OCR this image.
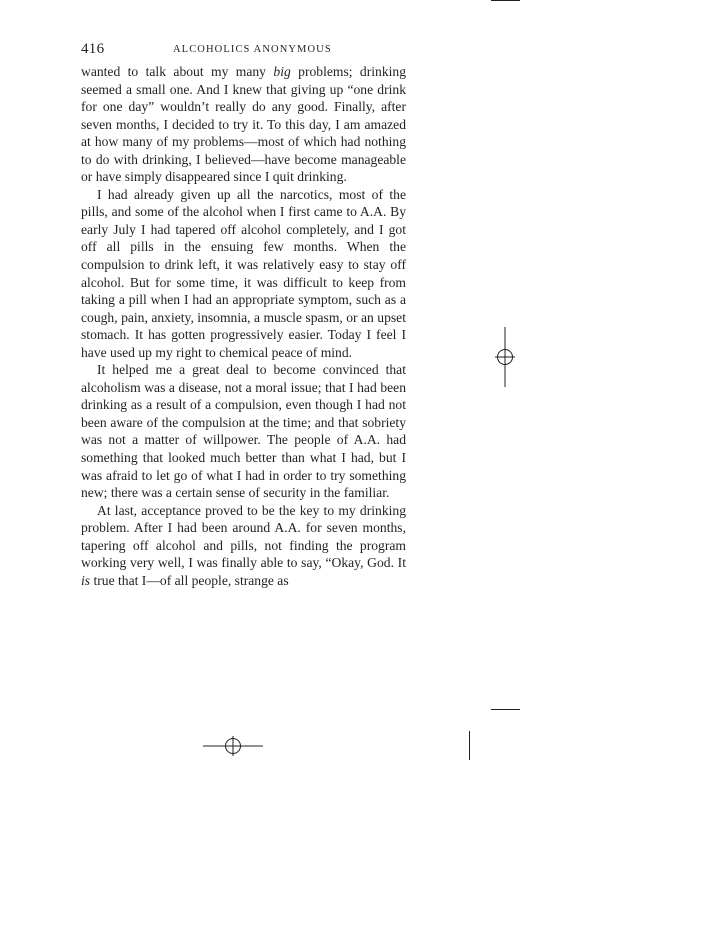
416	ALCOHOLICS ANONYMOUS

wanted to talk about my many big problems; drinking seemed a small one. And I knew that giving up “one drink for one day” wouldn’t really do any good. Finally, after seven months, I decided to try it. To this day, I am amazed at how many of my problems—most of which had nothing to do with drinking, I believed—have become manageable or have simply disappeared since I quit drinking.

I had already given up all the narcotics, most of the pills, and some of the alcohol when I first came to A.A. By early July I had tapered off alcohol completely, and I got off all pills in the ensuing few months. When the compulsion to drink left, it was relatively easy to stay off alcohol. But for some time, it was difficult to keep from taking a pill when I had an appropriate symptom, such as a cough, pain, anxiety, insomnia, a muscle spasm, or an upset stomach. It has gotten progressively easier. Today I feel I have used up my right to chemical peace of mind.

It helped me a great deal to become convinced that alcoholism was a disease, not a moral issue; that I had been drinking as a result of a compulsion, even though I had not been aware of the compulsion at the time; and that sobriety was not a matter of willpower. The people of A.A. had something that looked much better than what I had, but I was afraid to let go of what I had in order to try something new; there was a certain sense of security in the familiar.

At last, acceptance proved to be the key to my drinking problem. After I had been around A.A. for seven months, tapering off alcohol and pills, not finding the program working very well, I was finally able to say, “Okay, God. It is true that I—of all people, strange as
